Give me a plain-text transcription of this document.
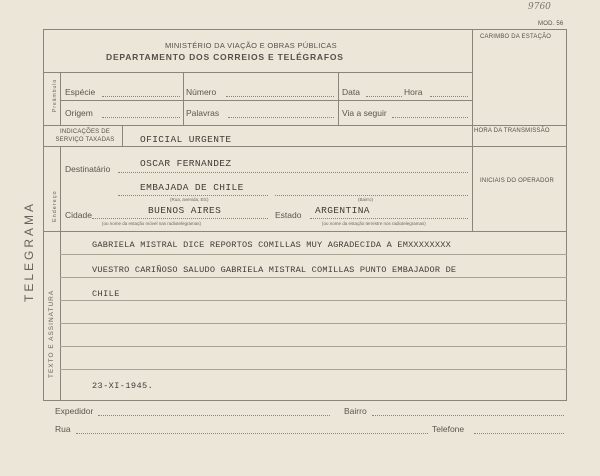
9760
MOD. 56
MINISTÉRIO DA VIAÇÃO E OBRAS PÚBLICAS
DEPARTAMENTO DOS CORREIOS E TELÉGRAFOS
CARIMBO DA ESTAÇÃO
Preâmbulo Espécie	Número	Data	Hora
Origem	Palavras	Via a seguir
HORA DA TRANSMISSÃO
INDICAÇÕES DE SERVIÇO TAXADAS	OFICIAL URGENTE
INICIAIS DO OPERADOR
Endereço
Destinatário	OSCAR FERNANDEZ
EMBAJADA DE CHILE
(Rua, avenida, Etc)	(Bairro)
Cidade	BUENOS AIRES	Estado ARGENTINA
(ou nome da estação móvel nas radiotelegramas)	(ou nome da estação terrestre nos radiotelegramas)
TEXTO E ASSINATURA
GABRIELA MISTRAL DICE REPORTOS COMILLAS MUY AGRADECIDA A EMXXXXXXXX
VUESTRO CARIÑOSO SALUDO GABRIELA MISTRAL COMILLAS PUNTO EMBAJADOR DE
CHILE
23-XI-1945.
TELEGRAMA
Expedidor	Bairro
Rua	Telefone
